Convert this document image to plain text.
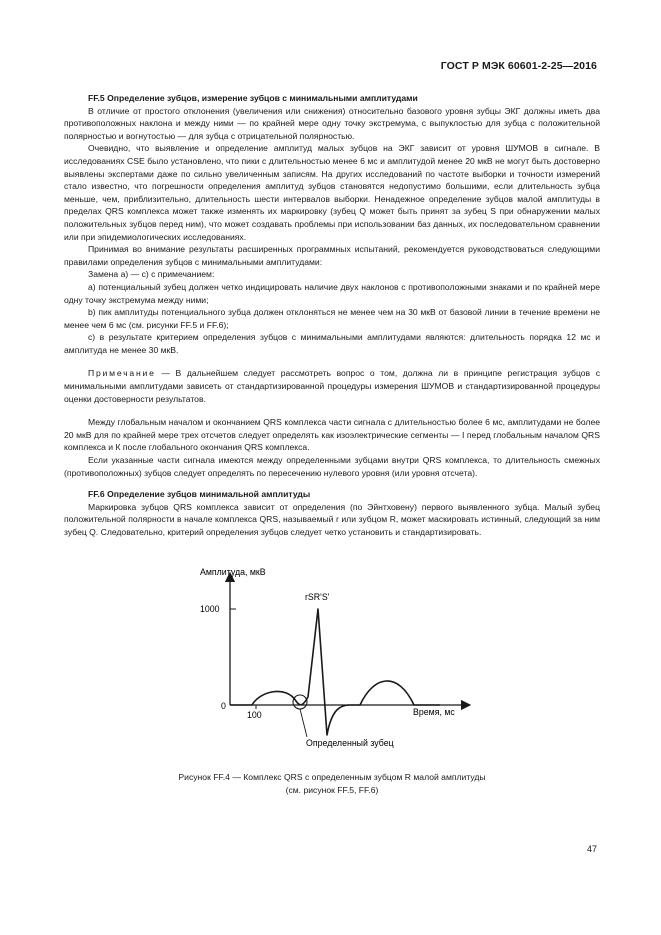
ГОСТ Р МЭК 60601-2-25—2016

FF.5 Определение зубцов, измерение зубцов с минимальными амплитудами

В отличие от простого отклонения (увеличения или снижения) относительно базового уровня зубцы ЭКГ должны иметь два противоположных наклона и между ними — по крайней мере одну точку экстремума, с выпуклостью для зубца с положительной полярностью и вогнутостью — для зубца с отрицательной полярностью.

Очевидно, что выявление и определение амплитуд малых зубцов на ЭКГ зависит от уровня ШУМОВ в сигнале. В исследованиях CSE было установлено, что пики с длительностью менее 6 мс и амплитудой менее 20 мкВ не могут быть достоверно выявлены экспертами даже по сильно увеличенным записям. На других исследований по частоте выборки и точности измерений стало известно, что погрешности определения амплитуд зубцов становятся недопустимо большими, если длительность зубца меньше, чем, приблизительно, длительность шести интервалов выборки. Ненадежное определение зубцов малой амплитуды в пределах QRS комплекса может также изменять их маркировку (зубец Q может быть принят за зубец S при обнаружении малых положительных зубцов перед ним), что может создавать проблемы при использовании баз данных, их последовательном сравнении или при эпидемиологических исследованиях.

Принимая во внимание результаты расширенных программных испытаний, рекомендуется руководствоваться следующими правилами определения зубцов с минимальными амплитудами:

Замена а) — с) с примечанием:

а) потенциальный зубец должен четко индицировать наличие двух наклонов с противоположными знаками и по крайней мере одну точку экстремума между ними;

b) пик амплитуды потенциального зубца должен отклоняться не менее чем на 30 мкВ от базовой линии в течение времени не менее чем 6 мс (см. рисунки FF.5 и FF.6);

с) в результате критерием определения зубцов с минимальными амплитудами являются: длительность порядка 12 мс и амплитуда не менее 30 мкВ.

Примечание — В дальнейшем следует рассмотреть вопрос о том, должна ли в принципе регистрация зубцов с минимальными амплитудами зависеть от стандартизированной процедуры измерения ШУМОВ и стандартизированной процедуры оценки достоверности результатов.

Между глобальным началом и окончанием QRS комплекса части сигнала с длительностью более 6 мс, амплитудами не более 20 мкВ для по крайней мере трех отсчетов следует определять как изоэлектрические сегменты — I перед глобальным началом QRS комплекса и К после глобального окончания QRS комплекса.

Если указанные части сигнала имеются между определенными зубцами внутри QRS комплекса, то длительность смежных (противоположных) зубцов следует определять по пересечению нулевого уровня (или уровня отсчета).

FF.6 Определение зубцов минимальной амплитуды

Маркировка зубцов QRS комплекса зависит от определения (по Эйнтховену) первого выявленного зубца. Малый зубец положительной полярности в начале комплекса QRS, называемый r или зубцом R, может маскировать истинный, следующий за ним зубец Q. Следовательно, критерий определения зубцов следует четко установить и стандартизировать.

Амплитуда, мкВ
1000
0
100	Время, мс
rSR'S'
Определенный зубец
Рисунок FF.4 — Комплекс QRS с определенным зубцом R малой амплитуды
(см. рисунок FF.5, FF.6)
47
